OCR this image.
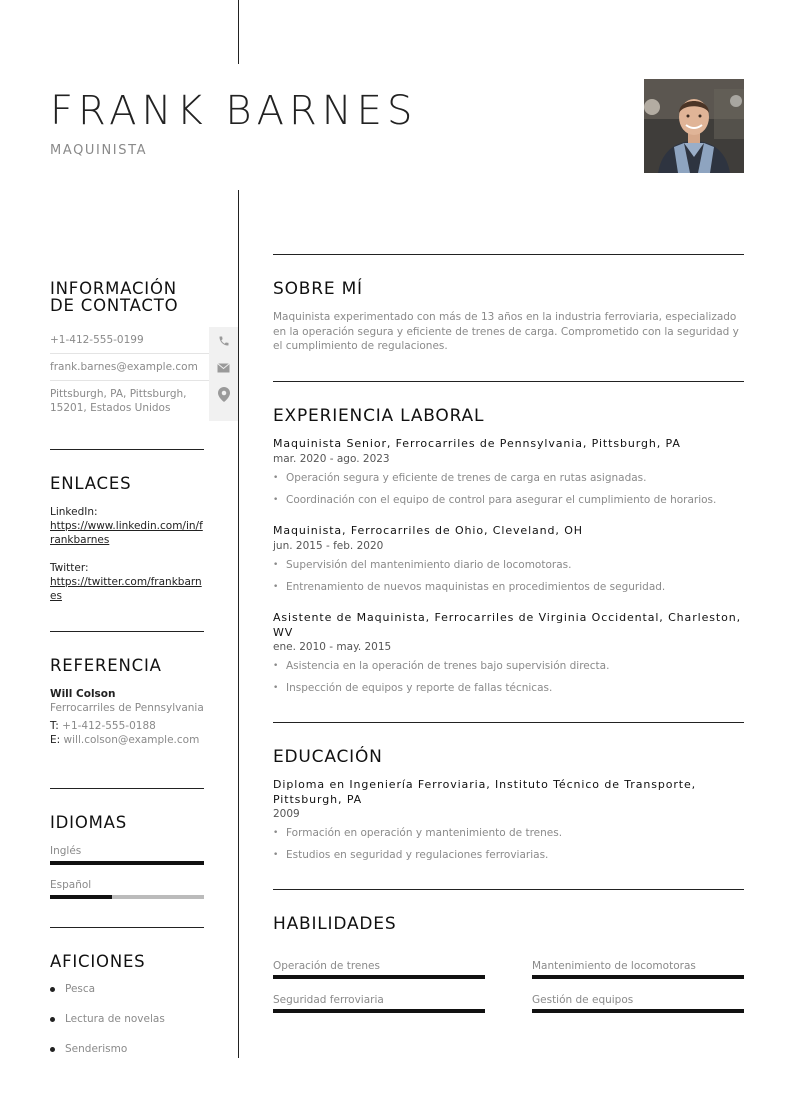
FRANK BARNES
MAQUINISTA
INFORMACIÓN
DE CONTACTO
+1-412-555-0199
frank.barnes@example.com
Pittsburgh, PA, Pittsburgh, 15201, Estados Unidos
ENLACES
LinkedIn:
https://www.linkedin.com/in/frankbarnes
Twitter:
https://twitter.com/frankbarnes
REFERENCIA
Will Colson
Ferrocarriles de Pennsylvania
T: +1-412-555-0188
E: will.colson@example.com
IDIOMAS
Inglés
Español
AFICIONES
Pesca
Lectura de novelas
Senderismo
SOBRE MÍ
Maquinista experimentado con más de 13 años en la industria ferroviaria, especializado en la operación segura y eficiente de trenes de carga. Comprometido con la seguridad y el cumplimiento de regulaciones.
EXPERIENCIA LABORAL
Maquinista Senior, Ferrocarriles de Pennsylvania, Pittsburgh, PA
mar. 2020 - ago. 2023
• Operación segura y eficiente de trenes de carga en rutas asignadas.
• Coordinación con el equipo de control para asegurar el cumplimiento de horarios.
Maquinista, Ferrocarriles de Ohio, Cleveland, OH
jun. 2015 - feb. 2020
• Supervisión del mantenimiento diario de locomotoras.
• Entrenamiento de nuevos maquinistas en procedimientos de seguridad.
Asistente de Maquinista, Ferrocarriles de Virginia Occidental, Charleston, WV
ene. 2010 - may. 2015
• Asistencia en la operación de trenes bajo supervisión directa.
• Inspección de equipos y reporte de fallas técnicas.
EDUCACIÓN
Diploma en Ingeniería Ferroviaria, Instituto Técnico de Transporte, Pittsburgh, PA
2009
• Formación en operación y mantenimiento de trenes.
• Estudios en seguridad y regulaciones ferroviarias.
HABILIDADES
Operación de trenes	Mantenimiento de locomotoras
Seguridad ferroviaria	Gestión de equipos
